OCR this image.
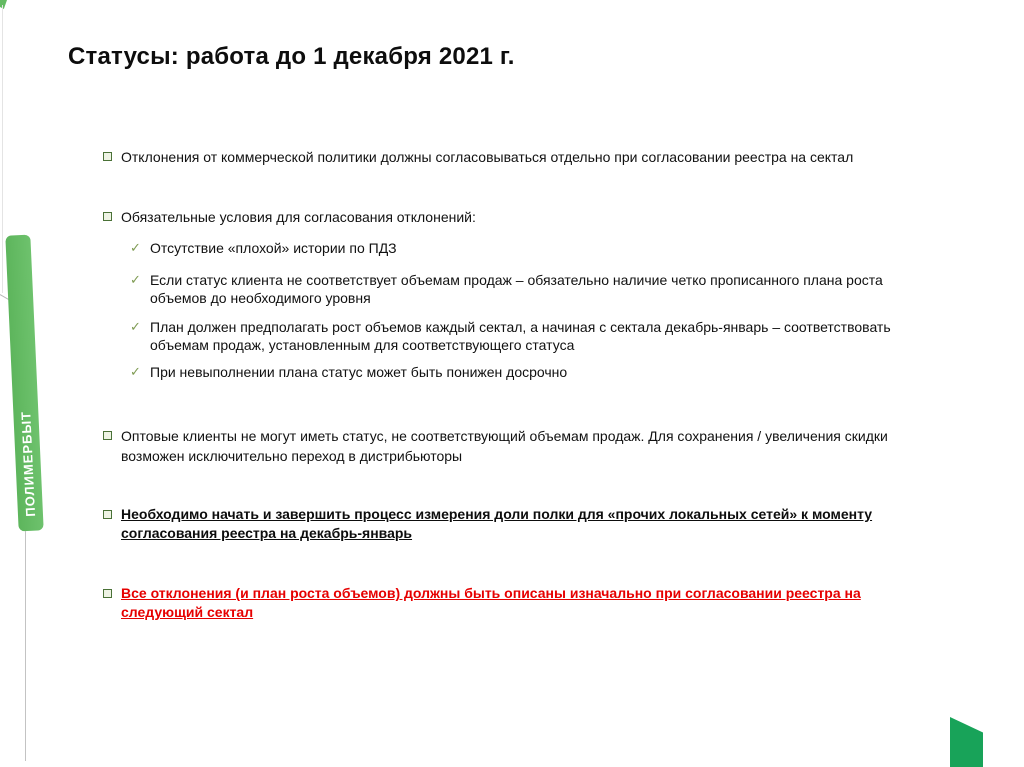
Статусы: работа до 1 декабря 2021 г.
ПОЛИМЕРБЫТ
Отклонения от коммерческой политики должны согласовываться отдельно при согласовании реестра на сектал
Обязательные условия для согласования отклонений:
✓ Отсутствие «плохой» истории по ПДЗ
✓ Если статус клиента не соответствует объемам продаж – обязательно наличие четко прописанного плана роста объемов до необходимого уровня
✓ План должен предполагать рост объемов каждый сектал, а начиная с сектала декабрь-январь – соответствовать объемам продаж, установленным для соответствующего статуса
✓ При невыполнении плана статус может быть понижен досрочно
Оптовые клиенты не могут иметь статус, не соответствующий объемам продаж. Для сохранения / увеличения скидки возможен исключительно переход в дистрибьюторы
Необходимо начать и завершить процесс измерения доли полки для «прочих локальных сетей» к моменту согласования реестра на декабрь-январь
Все отклонения (и план роста объемов) должны быть описаны изначально при согласовании реестра на следующий сектал
